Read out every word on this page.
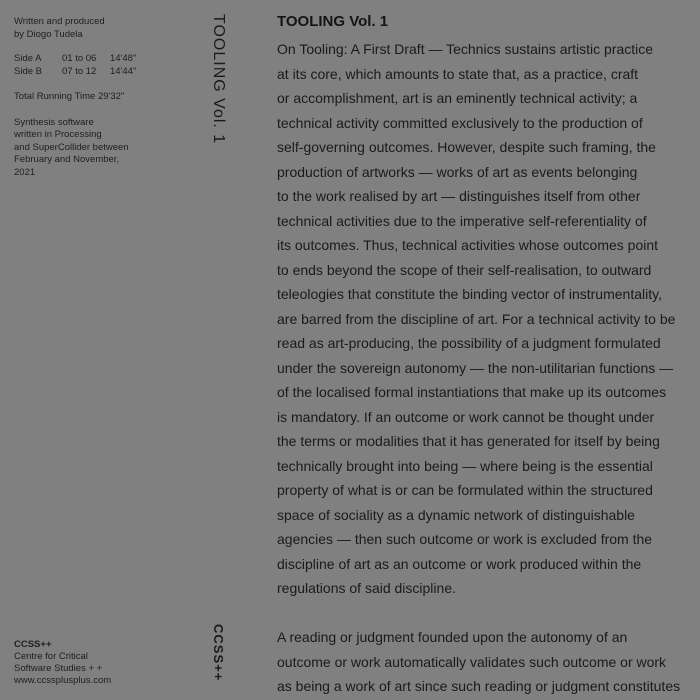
Written and produced
by Diogo Tudela
Side A	01 to 06	14'48''
Side B	07 to 12	14'44''
Total Running Time 29'32''
Synthesis software
written in Processing
and SuperCollider between
February and November,
2021
CCSS++
Centre for Critical
Software Studies + +
www.ccssplusplus.com
TOOLING Vol. 1
CCSS++
TOOLING Vol. 1
On Tooling: A First Draft — Technics sustains artistic practice
at its core, which amounts to state that, as a practice, craft
or accomplishment, art is an eminently technical activity; a
technical activity committed exclusively to the production of
self-governing outcomes. However, despite such framing, the
production of artworks — works of art as events belonging
to the work realised by art — distinguishes itself from other
technical activities due to the imperative self-referentiality of
its outcomes. Thus, technical activities whose outcomes point
to ends beyond the scope of their self-realisation, to outward
teleologies that constitute the binding vector of instrumentality,
are barred from the discipline of art. For a technical activity to be
read as art-producing, the possibility of a judgment formulated
under the sovereign autonomy — the non-utilitarian functions —
of the localised formal instantiations that make up its outcomes
is mandatory. If an outcome or work cannot be thought under
the terms or modalities that it has generated for itself by being
technically brought into being — where being is the essential
property of what is or can be formulated within the structured
space of sociality as a dynamic network of distinguishable
agencies — then such outcome or work is excluded from the
discipline of art as an outcome or work produced within the
regulations of said discipline.
A reading or judgment founded upon the autonomy of an
outcome or work automatically validates such outcome or work
as being a work of art since such reading or judgment constitutes
